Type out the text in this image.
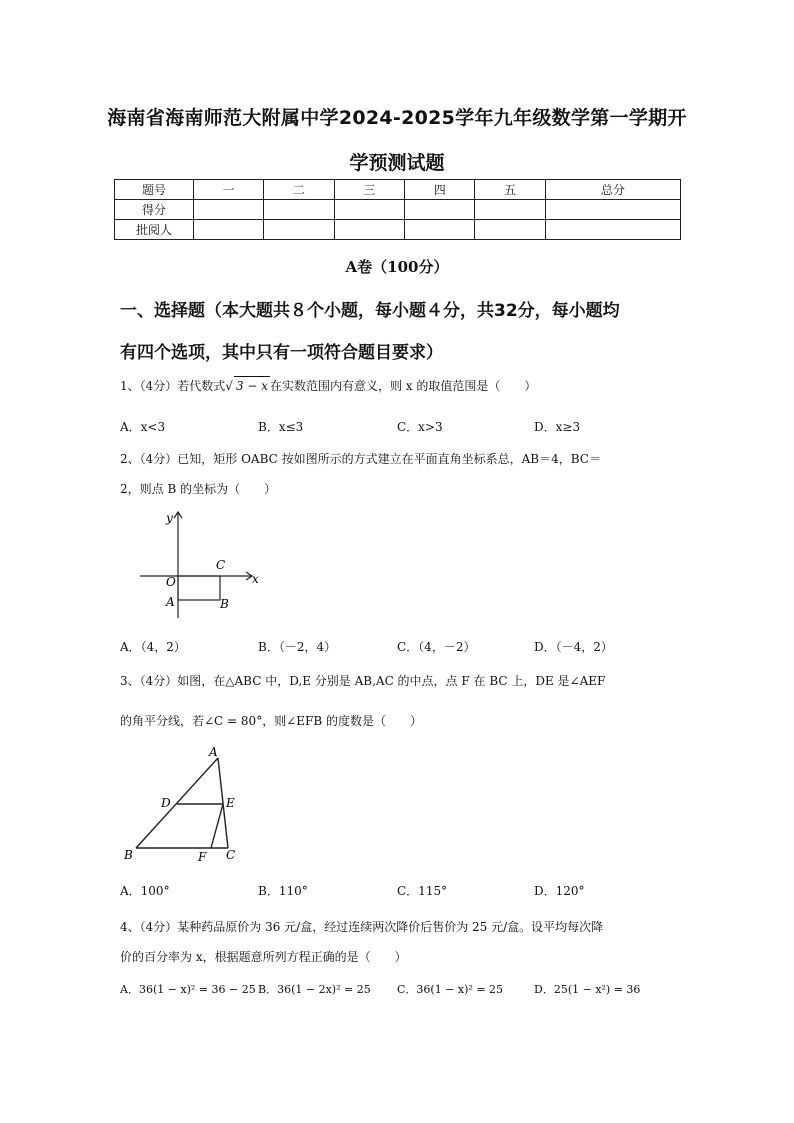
海南省海南师范大附属中学2024-2025学年九年级数学第一学期开
学预测试题
题号	一	二	三	四	五	总分
得分						
批阅人						
A卷（100分）
一、选择题（本大题共８个小题，每小题４分，共32分，每小题均
有四个选项，其中只有一项符合题目要求）
1、（4分）若代数式√ 3 − x 在实数范围内有意义，则 x 的取值范围是（　　）
A．x<3	B．x≤3	C．x>3	D．x≥3
2、（4分）已知，矩形 OABC 按如图所示的方式建立在平面直角坐标系总，AB＝4，BC＝
2，则点 B 的坐标为（　　）
y
x
O
A	B
C
A．（4，2）	B．（－2，4）	C．（4，－2）	D．（－4，2）
3、（4分）如图，在△ABC 中，D,E 分别是 AB,AC 的中点，点 F 在 BC 上，DE 是∠AEF
的角平分线，若∠C = 80°，则∠EFB 的度数是（　　）
A
B	C
D	E
F
A．100°	B．110°	C．115°	D．120°
4、（4分）某种药品原价为 36 元/盒，经过连续两次降价后售价为 25 元/盒。设平均每次降
价的百分率为 x，根据题意所列方程正确的是（　　）
A．36(1 − x)² = 36 − 25 B．36(1 − 2x)² = 25 C．36(1 − x)² = 25	D．25(1 − x²) = 36
